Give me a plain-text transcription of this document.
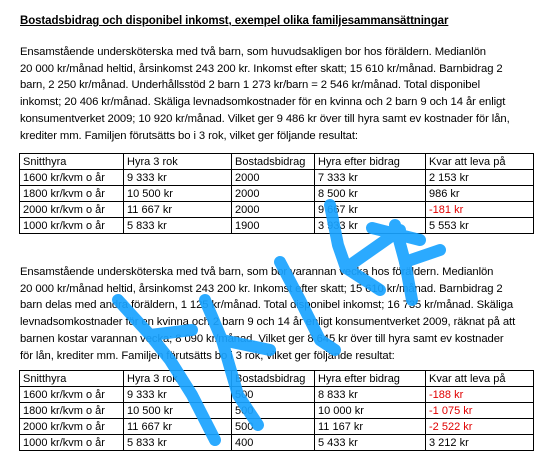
Bostadsbidrag och disponibel inkomst, exempel olika familjesammansättningar

Ensamstående undersköterska med två barn, som huvudsakligen bor hos föräldern. Medianlön

20 000 kr/månad heltid, årsinkomst 243 200 kr. Inkomst efter skatt; 15 610 kr/månad. Barnbidrag 2

barn, 2 250 kr/månad. Underhållsstöd 2 barn 1 273 kr/barn = 2 546 kr/månad. Total disponibel

inkomst; 20 406 kr/månad. Skäliga levnadsomkostnader för en kvinna och 2 barn 9 och 14 år enligt

konsumentverket 2009; 10 920 kr/månad. Vilket ger 9 486 kr över till hyra samt ev kostnader för lån,

krediter mm. Familjen förutsätts bo i 3 rok, vilket ger följande resultat:

Snitthyra	Hyra 3 rok	Bostadsbidrag	Hyra efter bidrag	Kvar att leva på
1600 kr/kvm o år	9 333 kr	2000	7 333 kr	2 153 kr
1800 kr/kvm o år	10 500 kr	2000	8 500 kr	986 kr
2000 kr/kvm o år	11 667 kr	2000	9 667 kr	-181 kr
1000 kr/kvm o år	5 833 kr	1900	3 933 kr	5 553 kr

Ensamstående undersköterska med två barn, som bor varannan vecka hos föräldern. Medianlön

20 000 kr/månad heltid, årsinkomst 243 200 kr. Inkomst efter skatt; 15 610 kr/månad. Barnbidrag 2

barn delas med andra föräldern, 1 125 kr/månad. Total disponibel inkomst; 16 735 kr/månad. Skäliga

levnadsomkostnader för en kvinna och 2 barn 9 och 14 år enligt konsumentverket 2009, räknat på att

barnen kostar varannan vecka; 8 090 kr/månad. Vilket ger 8 645 kr över till hyra samt ev kostnader

för lån, krediter mm. Familjen förutsätts bo i 3 rok, vilket ger följande resultat:

Snitthyra	Hyra 3 rok	Bostadsbidrag	Hyra efter bidrag	Kvar att leva på
1600 kr/kvm o år	9 333 kr	500	8 833 kr	-188 kr
1800 kr/kvm o år	10 500 kr	500	10 000 kr	-1 075 kr
2000 kr/kvm o år	11 667 kr	500	11 167 kr	-2 522 kr
1000 kr/kvm o år	5 833 kr	400	5 433 kr	3 212 kr
